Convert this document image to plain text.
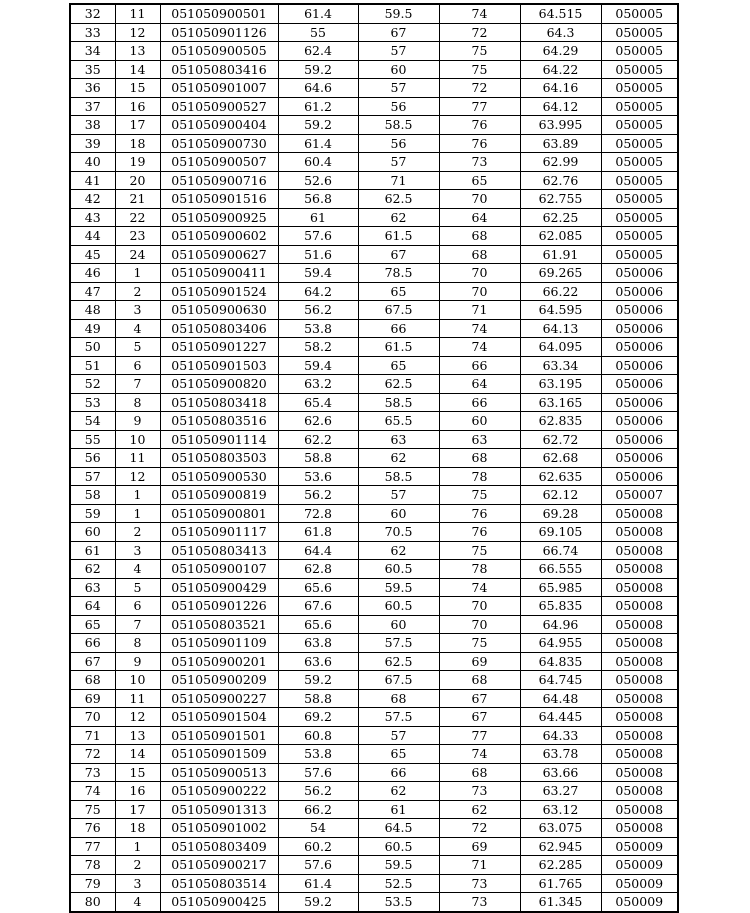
32	11	051050900501	61.4	59.5	74	64.515	050005
33	12	051050901126	55	67	72	64.3	050005
34	13	051050900505	62.4	57	75	64.29	050005
35	14	051050803416	59.2	60	75	64.22	050005
36	15	051050901007	64.6	57	72	64.16	050005
37	16	051050900527	61.2	56	77	64.12	050005
38	17	051050900404	59.2	58.5	76	63.995	050005
39	18	051050900730	61.4	56	76	63.89	050005
40	19	051050900507	60.4	57	73	62.99	050005
41	20	051050900716	52.6	71	65	62.76	050005
42	21	051050901516	56.8	62.5	70	62.755	050005
43	22	051050900925	61	62	64	62.25	050005
44	23	051050900602	57.6	61.5	68	62.085	050005
45	24	051050900627	51.6	67	68	61.91	050005
46	1	051050900411	59.4	78.5	70	69.265	050006
47	2	051050901524	64.2	65	70	66.22	050006
48	3	051050900630	56.2	67.5	71	64.595	050006
49	4	051050803406	53.8	66	74	64.13	050006
50	5	051050901227	58.2	61.5	74	64.095	050006
51	6	051050901503	59.4	65	66	63.34	050006
52	7	051050900820	63.2	62.5	64	63.195	050006
53	8	051050803418	65.4	58.5	66	63.165	050006
54	9	051050803516	62.6	65.5	60	62.835	050006
55	10	051050901114	62.2	63	63	62.72	050006
56	11	051050803503	58.8	62	68	62.68	050006
57	12	051050900530	53.6	58.5	78	62.635	050006
58	1	051050900819	56.2	57	75	62.12	050007
59	1	051050900801	72.8	60	76	69.28	050008
60	2	051050901117	61.8	70.5	76	69.105	050008
61	3	051050803413	64.4	62	75	66.74	050008
62	4	051050900107	62.8	60.5	78	66.555	050008
63	5	051050900429	65.6	59.5	74	65.985	050008
64	6	051050901226	67.6	60.5	70	65.835	050008
65	7	051050803521	65.6	60	70	64.96	050008
66	8	051050901109	63.8	57.5	75	64.955	050008
67	9	051050900201	63.6	62.5	69	64.835	050008
68	10	051050900209	59.2	67.5	68	64.745	050008
69	11	051050900227	58.8	68	67	64.48	050008
70	12	051050901504	69.2	57.5	67	64.445	050008
71	13	051050901501	60.8	57	77	64.33	050008
72	14	051050901509	53.8	65	74	63.78	050008
73	15	051050900513	57.6	66	68	63.66	050008
74	16	051050900222	56.2	62	73	63.27	050008
75	17	051050901313	66.2	61	62	63.12	050008
76	18	051050901002	54	64.5	72	63.075	050008
77	1	051050803409	60.2	60.5	69	62.945	050009
78	2	051050900217	57.6	59.5	71	62.285	050009
79	3	051050803514	61.4	52.5	73	61.765	050009
80	4	051050900425	59.2	53.5	73	61.345	050009
